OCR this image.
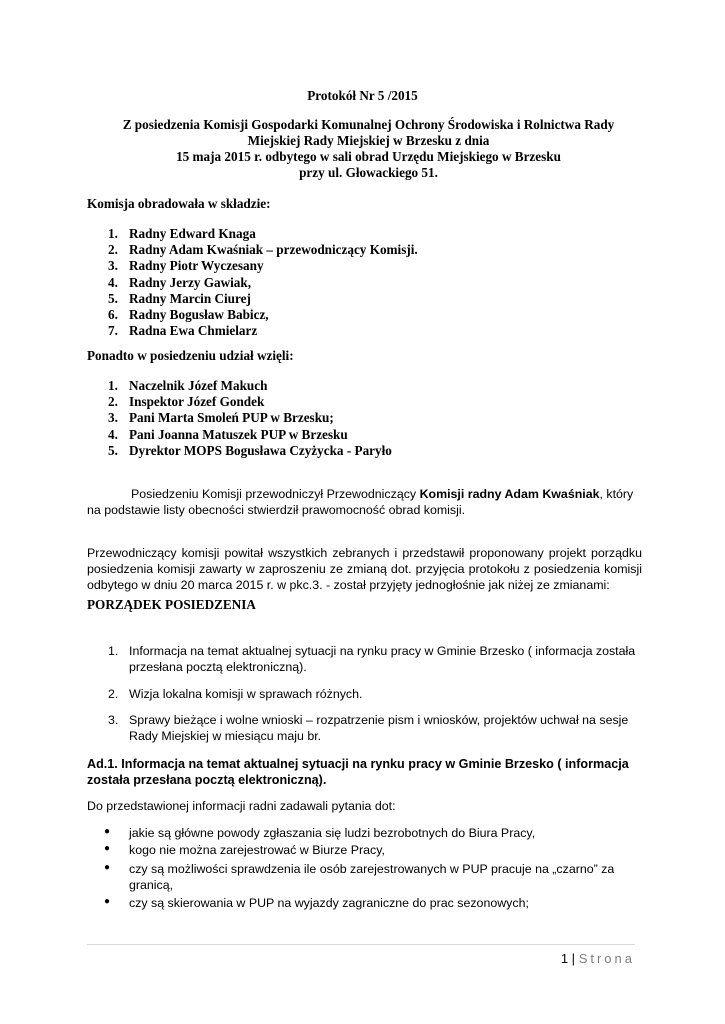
Protokół Nr 5 /2015
Z posiedzenia Komisji Gospodarki Komunalnej Ochrony Środowiska i Rolnictwa Rady
Miejskiej Rady Miejskiej w Brzesku z dnia
15 maja 2015 r. odbytego w sali obrad Urzędu Miejskiego w Brzesku
przy ul. Głowackiego 51.
Komisja obradowała w składzie:
1. Radny Edward Knaga
2. Radny Adam Kwaśniak – przewodniczący Komisji.
3. Radny Piotr Wyczesany
4. Radny Jerzy Gawiak,
5. Radny Marcin Ciurej
6. Radny Bogusław Babicz,
7. Radna Ewa Chmielarz
Ponadto w posiedzeniu udział wzięli:
1. Naczelnik Józef Makuch
2. Inspektor Józef Gondek
3. Pani Marta Smoleń PUP w Brzesku;
4. Pani Joanna Matuszek PUP w Brzesku
5. Dyrektor MOPS Bogusława Czyżycka - Paryło
Posiedzeniu Komisji przewodniczył Przewodniczący Komisji radny Adam Kwaśniak, który
na podstawie listy obecności stwierdził prawomocność obrad komisji.
Przewodniczący komisji powitał wszystkich zebranych i przedstawił proponowany projekt porządku
posiedzenia komisji zawarty w zaproszeniu ze zmianą dot. przyjęcia protokołu z posiedzenia komisji
odbytego w dniu 20 marca 2015 r. w pkc.3. - został przyjęty jednogłośnie jak niżej ze zmianami:
PORZĄDEK POSIEDZENIA
1. Informacja na temat aktualnej sytuacji na rynku pracy w Gminie Brzesko ( informacja została
przesłana pocztą elektroniczną).
2. Wizja lokalna komisji w sprawach różnych.
3. Sprawy bieżące i wolne wnioski – rozpatrzenie pism i wniosków, projektów uchwał na sesje
Rady Miejskiej w miesiącu maju br.
Ad.1. Informacja na temat aktualnej sytuacji na rynku pracy w Gminie Brzesko ( informacja
została przesłana pocztą elektroniczną).
Do przedstawionej informacji radni zadawali pytania dot:
● jakie są główne powody zgłaszania się ludzi bezrobotnych do Biura Pracy,
● kogo nie można zarejestrować w Biurze Pracy,
● czy są możliwości sprawdzenia ile osób zarejestrowanych w PUP pracuje na „czarno” za
granicą,
● czy są skierowania w PUP na wyjazdy zagraniczne do prac sezonowych;
1 | Strona
